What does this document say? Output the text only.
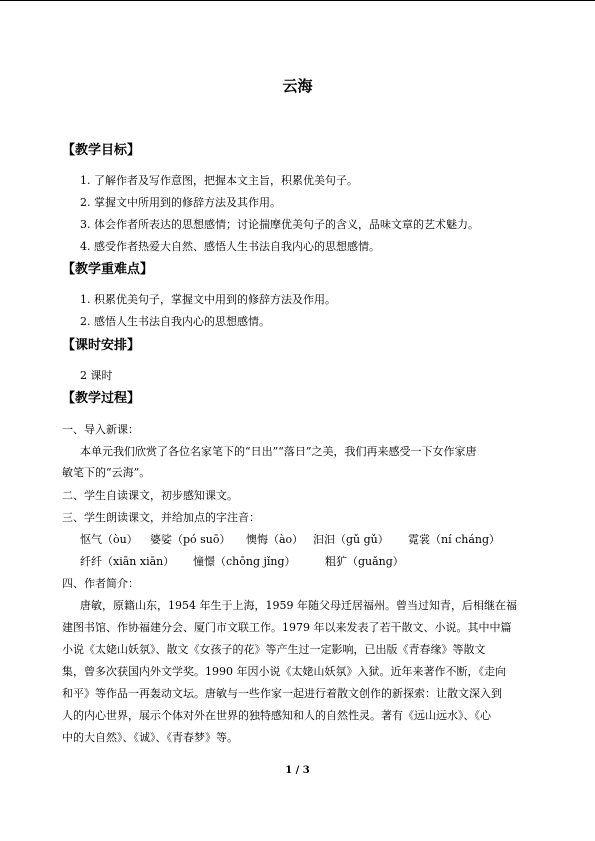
云海
【教学目标】
1. 了解作者及写作意图，把握本文主旨，积累优美句子。
2. 掌握文中所用到的修辞方法及其作用。
3. 体会作者所表达的思想感情；讨论揣摩优美句子的含义，品味文章的艺术魅力。
4. 感受作者热爱大自然、感悟人生书法自我内心的思想感情。
【教学重难点】
1. 积累优美句子，掌握文中用到的修辞方法及作用。
2. 感悟人生书法自我内心的思想感情。
【课时安排】
2 课时
【教学过程】
一、导入新课：
本单元我们欣赏了各位名家笔下的“日出”“落日”之美，我们再来感受一下女作家唐
敏笔下的“云海”。
二、学生自读课文，初步感知课文。
三、学生朗读课文，并给加点的字注音：
怄气（òu） 婆娑（pó suō） 懊悔（ào） 汩汩（gǔ gǔ） 霓裳（ní cháng）
纤纤（xiān xiān） 憧憬（chōng jǐng）	粗犷（guǎng）
四、作者简介：
唐敏，原籍山东，1954 年生于上海，1959 年随父母迁居福州。曾当过知青，后相继在福
建图书馆、作协福建分会、厦门市文联工作。1979 年以来发表了若干散文、小说。其中中篇
小说《太姥山妖氛》、散文《女孩子的花》等产生过一定影响，已出版《青春缘》等散文
集，曾多次获国内外文学奖。1990 年因小说《太姥山妖氛》入狱。近年来著作不断，《走向
和平》等作品一再轰动文坛。唐敏与一些作家一起进行着散文创作的新探索：让散文深入到
人的内心世界，展示个体对外在世界的独特感知和人的自然性灵。著有《远山远水》、《心
中的大自然》、《诚》、《青春梦》等。
1 / 3
